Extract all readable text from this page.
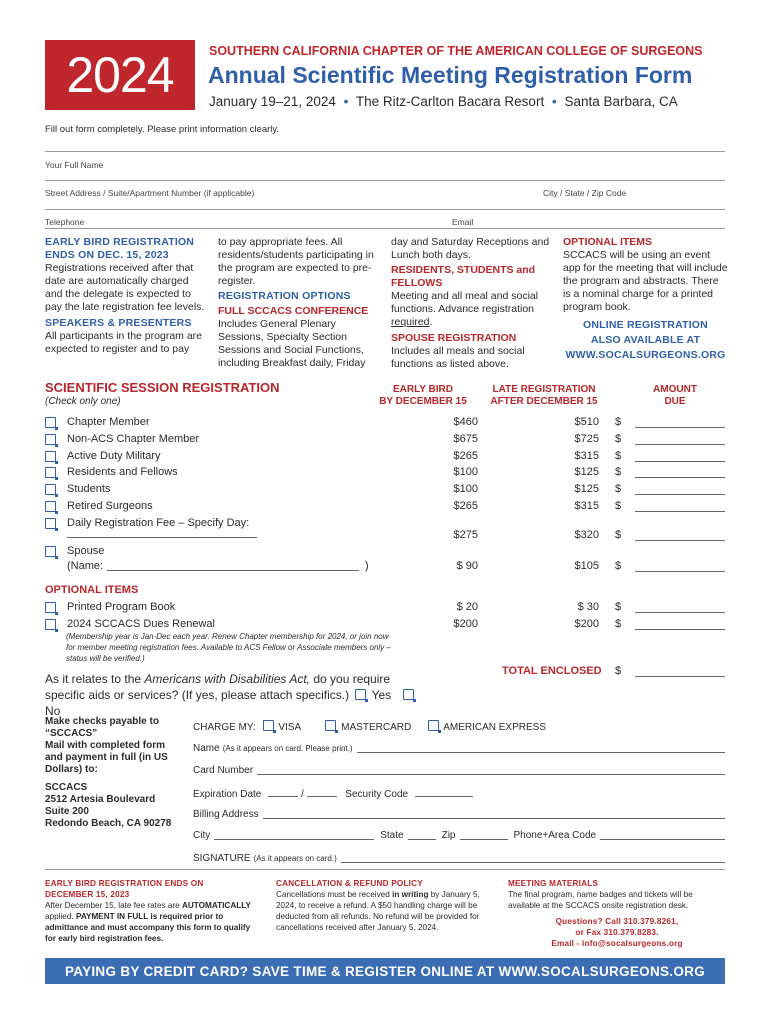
2024	SOUTHERN CALIFORNIA CHAPTER OF THE AMERICAN COLLEGE OF SURGEONS
Annual Scientific Meeting Registration Form
January 19–21, 2024 • The Ritz-Carlton Bacara Resort • Santa Barbara, CA
Fill out form completely. Please print information clearly.
Your Full Name
Street Address / Suite/Apartment Number (if applicable)	City / State / Zip Code
Telephone	Email
EARLY BIRD REGISTRATION
ENDS ON DEC. 15, 2023
Registrations received after that date are automatically charged and the delegate is expected to pay the late registration fee levels.
SPEAKERS & PRESENTERS
All participants in the program are expected to register and to pay
to pay appropriate fees. All residents/students participating in the program are expected to pre-register.
REGISTRATION OPTIONS
FULL SCCACS CONFERENCE
Includes General Plenary Sessions, Specialty Section Sessions and Social Functions, including Breakfast daily, Friday
day and Saturday Receptions and Lunch both days.
RESIDENTS, STUDENTS and FELLOWS
Meeting and all meal and social functions. Advance registration required.
SPOUSE REGISTRATION
Includes all meals and social functions as listed above.
OPTIONAL ITEMS
SCCACS will be using an event app for the meeting that will include the program and abstracts. There is a nominal charge for a printed program book.
ONLINE REGISTRATION
ALSO AVAILABLE AT
WWW.SOCALSURGEONS.ORG
SCIENTIFIC SESSION REGISTRATION
(Check only one)
EARLY BIRD
BY DECEMBER 15
LATE REGISTRATION
AFTER DECEMBER 15
AMOUNT
DUE
Chapter Member	$460	$510 $
Non-ACS Chapter Member	$675	$725 $
Active Duty Military	$265	$315 $
Residents and Fellows	$100	$125 $
Students	$100	$125 $
Retired Surgeons	$265	$315 $
Daily Registration Fee – Specify Day:
$275	$320 $
Spouse
(Name:	)	$ 90	$105 $
OPTIONAL ITEMS
Printed Program Book	$ 20	$ 30 $
2024 SCCACS Dues Renewal	$200	$200 $
(Membership year is Jan-Dec each year. Renew Chapter membership for 2024, or join now for member meeting registration fees. Available to ACS Fellow or Associate members only – status will be verified.)
As it relates to the Americans with Disabilities Act, do you require specific aids or services? (If yes, please attach specifics.) Yes
No
TOTAL ENCLOSED $
Make checks payable to
“SCCACS”
Mail with completed form and payment in full (in US Dollars) to:
SCCACS
2512 Artesia Boulevard
Suite 200
Redondo Beach, CA 90278
CHARGE MY: VISA	MASTERCARD	AMERICAN EXPRESS
Name (As it appears on card. Please print.)
Card Number
Expiration Date	/	Security Code
Billing Address
City	State	Zip	Phone+Area Code
SIGNATURE (As it appears on card.)
EARLY BIRD REGISTRATION ENDS ON
DECEMBER 15, 2023
After December 15, late fee rates are AUTOMATICALLY applied. PAYMENT IN FULL is required prior to admittance and must accompany this form to qualify for early bird registration fees.
CANCELLATION & REFUND POLICY
Cancellations must be received in writing by January 5, 2024, to receive a refund. A $50 handling charge will be deducted from all refunds. No refund will be provided for cancellations received after January 5, 2024.
MEETING MATERIALS
The final program, name badges and tickets will be available at the SCCACS onsite registration desk.
Questions? Call 310.379.8261,
or Fax 310.379.8283.
Email - info@socalsurgeons.org
PAYING BY CREDIT CARD? SAVE TIME & REGISTER ONLINE AT WWW.SOCALSURGEONS.ORG
